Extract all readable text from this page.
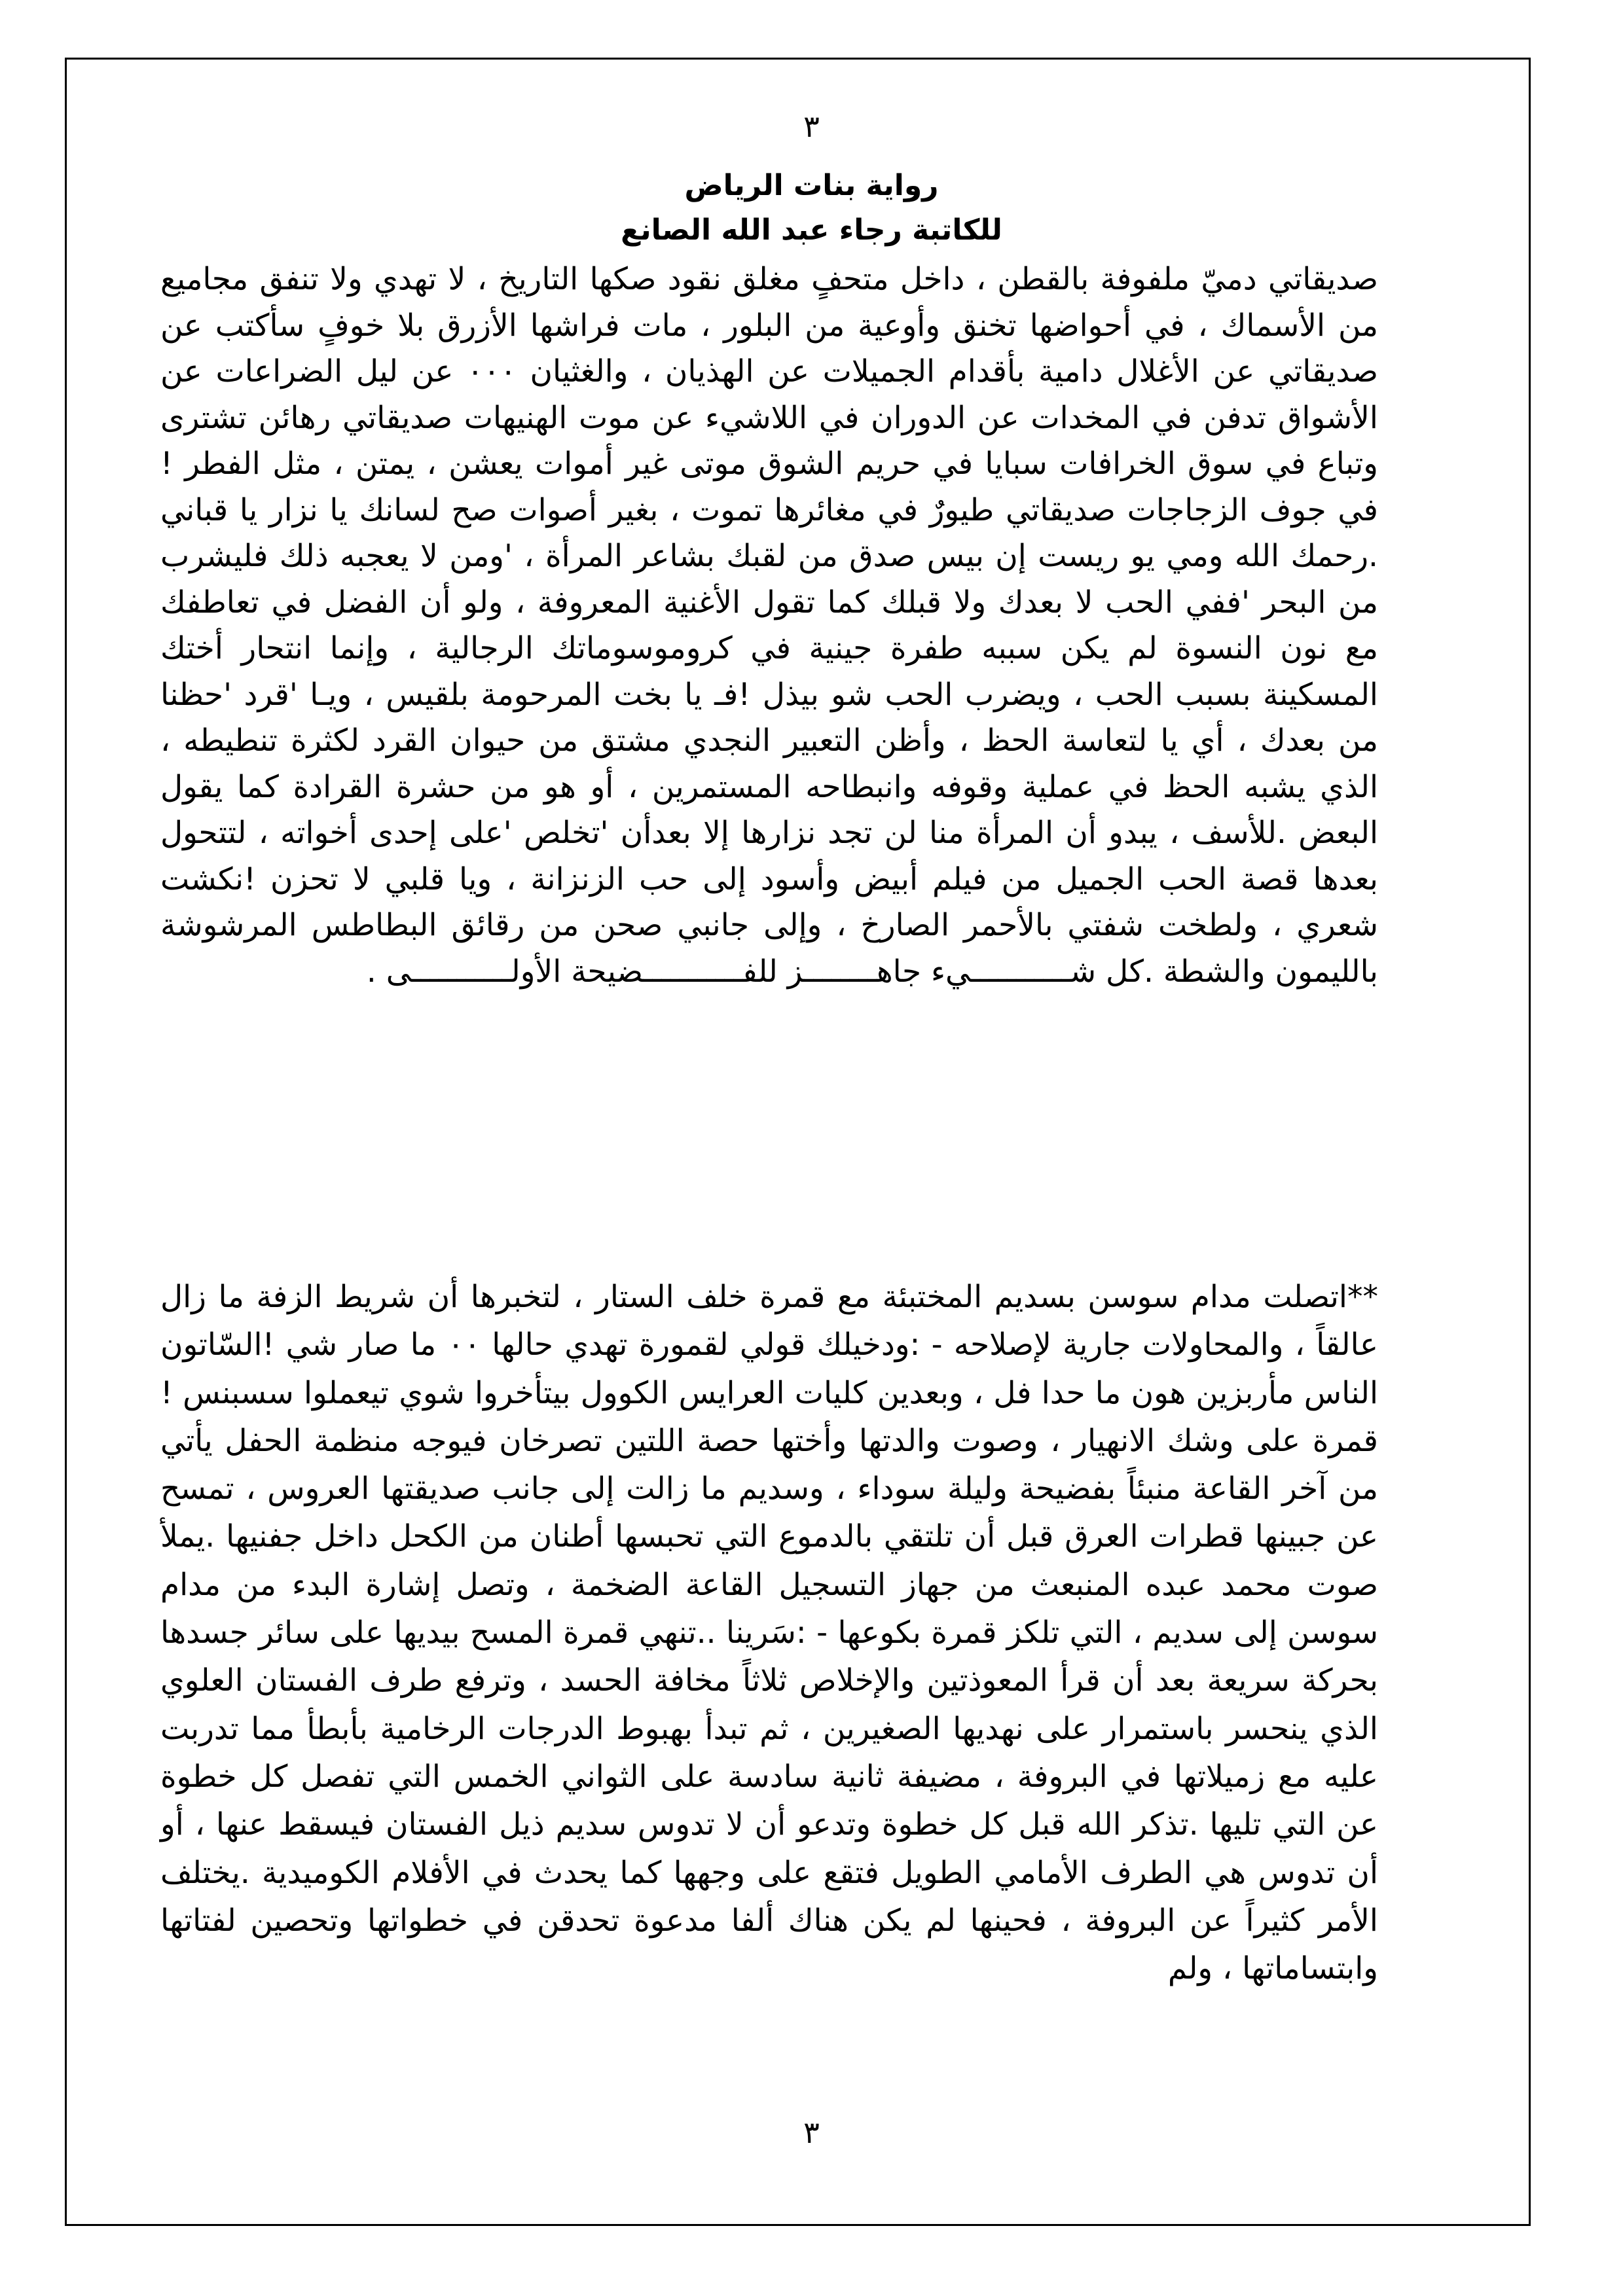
٣
رواية بنات الرياض
للكاتبة رجاء عبد الله الصانع

صديقاتي دميّ ملفوفة بالقطن ، داخل متحفٍ مغلق نقود صكها التاريخ ، لا تهدي ولا تنفق مجاميع من الأسماك ، في أحواضها تخنق وأوعية من البلور ، مات فراشها الأزرق بلا خوفٍ سأكتب عن صديقاتي عن الأغلال دامية بأقدام الجميلات عن الهذيان ، والغثيان ٠٠٠ عن ليل الضراعات عن الأشواق تدفن في المخدات عن الدوران في اللاشيء عن موت الهنيهات صديقاتي رهائن تشترى وتباع في سوق الخرافات سبايا في حريم الشوق موتى غير أموات يعشن ، يمتن ، مثل الفطر !في جوف الزجاجات صديقاتي طيورٌ في مغائرها تموت ، بغير أصوات صح لسانك يا نزار يا قباني .رحمك الله ومي يو ريست إن بيس صدق من لقبك بشاعر المرأة ، 'ومن لا يعجبه ذلك فليشرب من البحر 'ففي الحب لا بعدك ولا قبلك كما تقول الأغنية المعروفة ، ولو أن الفضل في تعاطفك مع نون النسوة لم يكن سببه طفرة جينية في كروموسوماتك الرجالية ، وإنما انتحار أختك المسكينة بسبب الحب ، ويضرب الحب شو بيذل !فـ يا بخت المرحومة بلقيس ، ويـا 'قرد 'حظنا من بعدك ، أي يا لتعاسة الحظ ، وأظن التعبير النجدي مشتق من حيوان القرد لكثرة تنطيطه ، الذي يشبه الحظ في عملية وقوفه وانبطاحه المستمرين ، أو هو من حشرة القرادة كما يقول البعض .للأسف ، يبدو أن المرأة منا لن تجد نزارها إلا بعدأن 'تخلص 'على إحدى أخواته ، لتتحول بعدها قصة الحب الجميل من فيلم أبيض وأسود إلى حب الزنزانة ، ويا قلبي لا تحزن !نكشت شعري ، ولطخت شفتي بالأحمر الصارخ ، وإلى جانبي صحن من رقائق البطاطس المرشوشة بالليمون والشطة .كل شـــــــــــيء جاهــــــــز للفـــــــــــضيحة الأولـــــــــــى .

**اتصلت مدام سوسن بسديم المختبئة مع قمرة خلف الستار ، لتخبرها أن شريط الزفة ما زال عالقاً ، والمحاولات جارية لإصلاحه - :ودخيلك قولي لقمورة تهدي حالها ٠٠ ما صار شي !السّاتون الناس مأربزين هون ما حدا فل ، وبعدين كليات العرايس الكوول بيتأخروا شوي تيعملوا سسبنس !قمرة على وشك الانهيار ، وصوت والدتها وأختها حصة اللتين تصرخان فيوجه منظمة الحفل يأتي من آخر القاعة منبئاً بفضيحة وليلة سوداء ، وسديم ما زالت إلى جانب صديقتها العروس ، تمسح عن جبينها قطرات العرق قبل أن تلتقي بالدموع التي تحبسها أطنان من الكحل داخل جفنيها .يملأ صوت محمد عبده المنبعث من جهاز التسجيل القاعة الضخمة ، وتصل إشارة البدء من مدام سوسن إلى سديم ، التي تلكز قمرة بكوعها - :سَرينا ..تنهي قمرة المسح بيديها على سائر جسدها بحركة سريعة بعد أن قرأ المعوذتين والإخلاص ثلاثاً مخافة الحسد ، وترفع طرف الفستان العلوي الذي ينحسر باستمرار على نهديها الصغيرين ، ثم تبدأ بهبوط الدرجات الرخامية بأبطأ مما تدربت عليه مع زميلاتها في البروفة ، مضيفة ثانية سادسة على الثواني الخمس التي تفصل كل خطوة عن التي تليها .تذكر الله قبل كل خطوة وتدعو أن لا تدوس سديم ذيل الفستان فيسقط عنها ، أو أن تدوس هي الطرف الأمامي الطويل فتقع على وجهها كما يحدث في الأفلام الكوميدية .يختلف الأمر كثيراً عن البروفة ، فحينها لم يكن هناك ألفا مدعوة تحدقن في خطواتها وتحصين لفتاتها وابتساماتها ، ولم

٣
